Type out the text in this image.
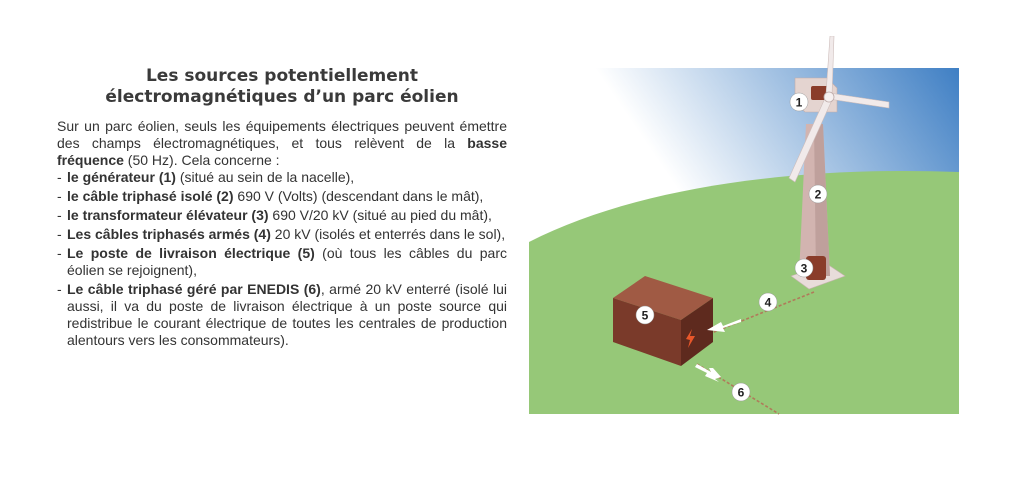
Les sources potentiellement
électromagnétiques d’un parc éolien

Sur un parc éolien, seuls les équipements électriques peuvent émettre des champs électromagnétiques, et tous relèvent de la basse fréquence (50 Hz). Cela concerne :

- le générateur (1) (situé au sein de la nacelle),
- le câble triphasé isolé (2) 690 V (Volts) (descendant dans le mât),
- le transformateur élévateur (3) 690 V/20 kV (situé au pied du mât),
- Les câbles triphasés armés (4) 20 kV (isolés et enterrés dans le sol),
- Le poste de livraison électrique (5) (où tous les câbles du parc éolien se rejoignent),
- Le câble triphasé géré par ENEDIS (6), armé 20 kV enterré (isolé lui aussi, il va du poste de livraison électrique à un poste source qui redistribue le courant électrique de toutes les centrales de production alentours vers les consommateurs).
1
2
3
4
5
6
